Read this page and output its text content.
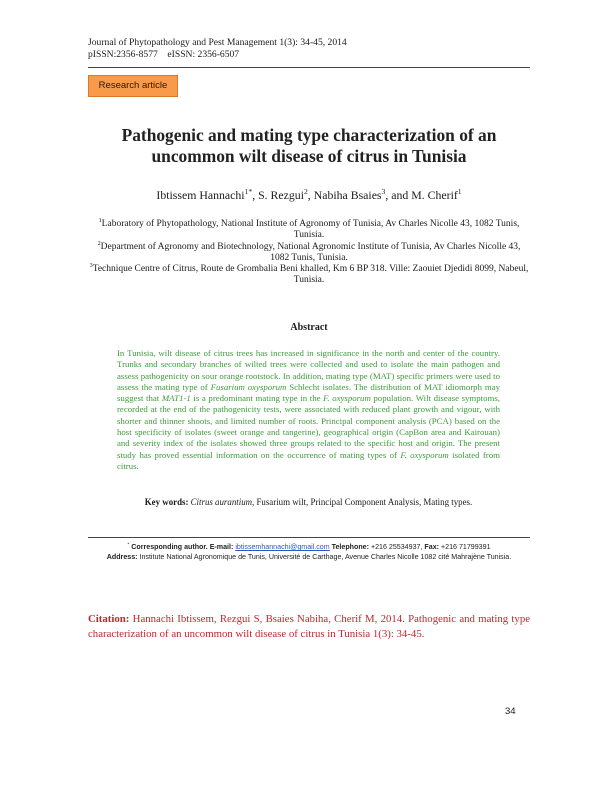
Journal of Phytopathology and Pest Management 1(3): 34-45, 2014
pISSN:2356-8577    eISSN: 2356-6507
Research article
Pathogenic and mating type characterization of an
uncommon wilt disease of citrus in Tunisia
Ibtissem Hannachi$^{1*}$, S. Rezgui$^2$, Nabiha Bsaies$^3$, and M. Cherif$^1$

$^1$Laboratory of Phytopathology, National Institute of Agronomy of Tunisia, Av Charles Nicolle 43, 1082 Tunis, Tunisia.

$^2$Department of Agronomy and Biotechnology, National Agronomic Institute of Tunisia, Av Charles Nicolle 43, 1082 Tunis, Tunisia.

$^3$Technique Centre of Citrus, Route de Grombalia Beni khalled, Km 6 BP 318. Ville: Zaouiet Djedidi 8099, Nabeul, Tunisia.

Abstract
In Tunisia, wilt disease of citrus trees has increased in significance in the north and center of the country. Trunks and secondary branches of wilted trees were collected and used to isolate the main pathogen and assess pathogenicity on sour orange rootstock. In addition, mating type (MAT) specific primers were used to assess the mating type of Fusarium oxysporum Schlecht isolates. The distribution of MAT idiomorph may suggest that MAT1-1 is a predominant mating type in the F. oxysporum population. Wilt disease symptoms, recorded at the end of the pathogenicity tests, were associated with reduced plant growth and vigour, with shorter and thinner shoots, and limited number of roots. Principal component analysis (PCA) based on the host specificity of isolates (sweet orange and tangerine), geographical origin (CapBon area and Kairouan) and severity index of the isolates showed three groups related to the specific host and origin. The present study has proved essential information on the occurrence of mating types of F. oxysporum isolated from citrus.
Key words: Citrus aurantium, Fusarium wilt, Principal Component Analysis, Mating types.
* Corresponding author. E-mail: ibtissemhannachi@gmail.com Telephone: +216 25534937, Fax: +216 71799391
Address: Institute National Agronomique de Tunis, Université de Carthage, Avenue Charles Nicolle 1082 cité Mahrajène Tunisia.
Citation: Hannachi Ibtissem, Rezgui S, Bsaies Nabiha, Cherif M, 2014. Pathogenic and mating type characterization of an uncommon wilt disease of citrus in Tunisia 1(3): 34-45.
34
